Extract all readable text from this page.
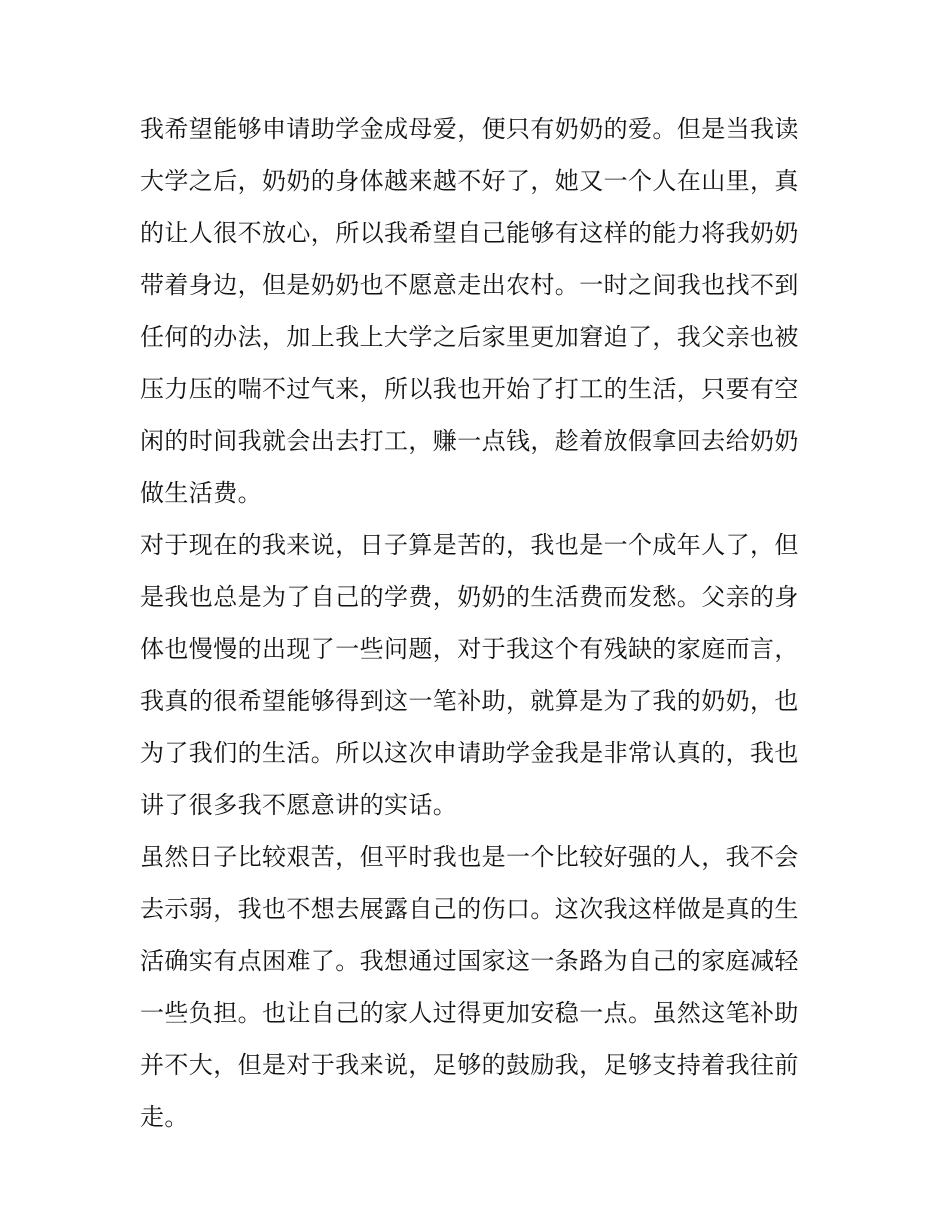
我希望能够申请助学金成母爱，便只有奶奶的爱。但是当我读
大学之后，奶奶的身体越来越不好了，她又一个人在山里，真
的让人很不放心，所以我希望自己能够有这样的能力将我奶奶
带着身边，但是奶奶也不愿意走出农村。一时之间我也找不到
任何的办法，加上我上大学之后家里更加窘迫了，我父亲也被
压力压的喘不过气来，所以我也开始了打工的生活，只要有空
闲的时间我就会出去打工，赚一点钱，趁着放假拿回去给奶奶
做生活费。
对于现在的我来说，日子算是苦的，我也是一个成年人了，但
是我也总是为了自己的学费，奶奶的生活费而发愁。父亲的身
体也慢慢的出现了一些问题，对于我这个有残缺的家庭而言，
我真的很希望能够得到这一笔补助，就算是为了我的奶奶，也
为了我们的生活。所以这次申请助学金我是非常认真的，我也
讲了很多我不愿意讲的实话。
虽然日子比较艰苦，但平时我也是一个比较好强的人，我不会
去示弱，我也不想去展露自己的伤口。这次我这样做是真的生
活确实有点困难了。我想通过国家这一条路为自己的家庭减轻
一些负担。也让自己的家人过得更加安稳一点。虽然这笔补助
并不大，但是对于我来说，足够的鼓励我，足够支持着我往前
走。
